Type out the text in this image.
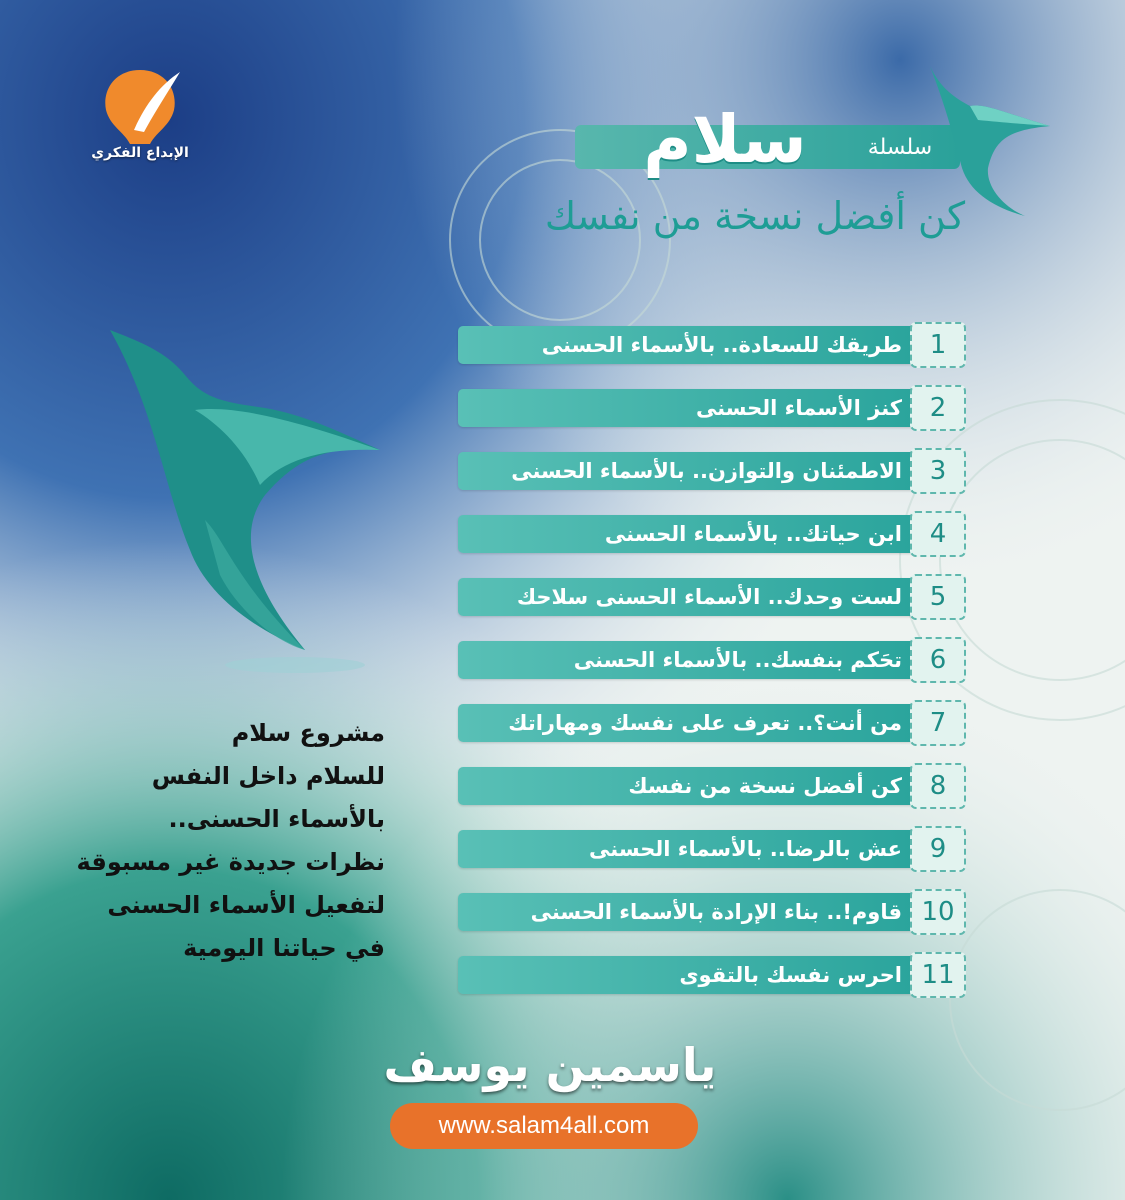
الإبداع الفكري	سلسلة
سلام
كن أفضل نسخة من نفسك
طريقك للسعادة.. بالأسماء الحسنى	1
كنز الأسماء الحسنى	2
الاطمئنان والتوازن.. بالأسماء الحسنى	3
ابن حياتك.. بالأسماء الحسنى	4
لست وحدك.. الأسماء الحسنى سلاحك	5
تحَكم بنفسك.. بالأسماء الحسنى	6
من أنت؟.. تعرف على نفسك ومهاراتك	7
كن أفضل نسخة من نفسك	8
عش بالرضا.. بالأسماء الحسنى	9
قاوم!.. بناء الإرادة بالأسماء الحسنى 10
احرس نفسك بالتقوى 11
مشروع سلام
للسلام داخل النفس
بالأسماء الحسنى..
نظرات جديدة غير مسبوقة
لتفعيل الأسماء الحسنى
في حياتنا اليومية
ياسمين يوسف
www.salam4all.com
